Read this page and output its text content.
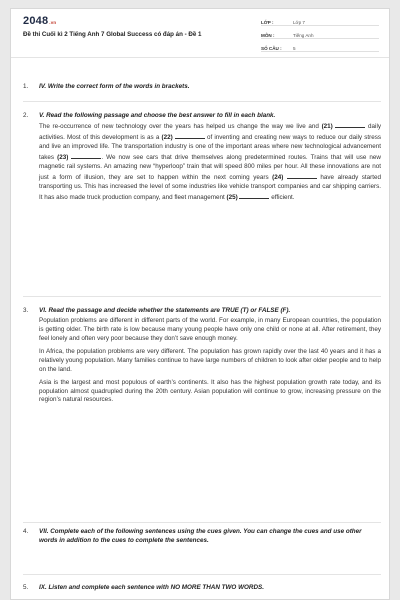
2048.vn
Đề thi Cuối kì 2 Tiếng Anh 7 Global Success có đáp án - Đề 1
LỚP :	Lớp 7
MÔN :	Tiếng Anh
SỐ CÂU :	5
1. IV. Write the correct form of the words in brackets.
2. V. Read the following passage and choose the best answer to fill in each blank.

The re-occurrence of new technology over the years has helped us change the way we live and (21)	daily activities. Most of this development is as a (22)	of inventing and creating new ways to reduce our daily stress and live an improved life. The transportation industry is one of the important areas where new technological advancement takes (23)	. We now see cars that drive themselves along predetermined routes. Trains that will use new magnetic rail systems. An amazing new “hyperloop” train that will speed 800 miles per hour. All these innovations are not just a form of illusion, they are set to happen within the next coming years (24)	have already started transporting us. This has increased the level of some industries like vehicle transport companies and car shipping carriers. It has also made truck production company, and fleet management (25)	efficient.

3. VI. Read the passage and decide whether the statements are TRUE (T) or FALSE (F).

Population problems are different in different parts of the world. For example, in many European countries, the population is getting older. The birth rate is low because many young people have only one child or none at all. After retirement, they feel lonely and often very poor because they don’t save enough money.

In Africa, the population problems are very different. The population has grown rapidly over the last 40 years and it has a relatively young population. Many families continue to have large numbers of children to look after older people and to help on the land.

Asia is the largest and most populous of earth’s continents. It also has the highest population growth rate today, and its population almost quadrupled during the 20th century. Asian population will continue to grow, increasing pressure on the region’s natural resources.

4. VII. Complete each of the following sentences using the cues given. You can change the cues and use other words in addition to the cues to complete the sentences.
5. IX. Listen and complete each sentence with NO MORE THAN TWO WORDS.
